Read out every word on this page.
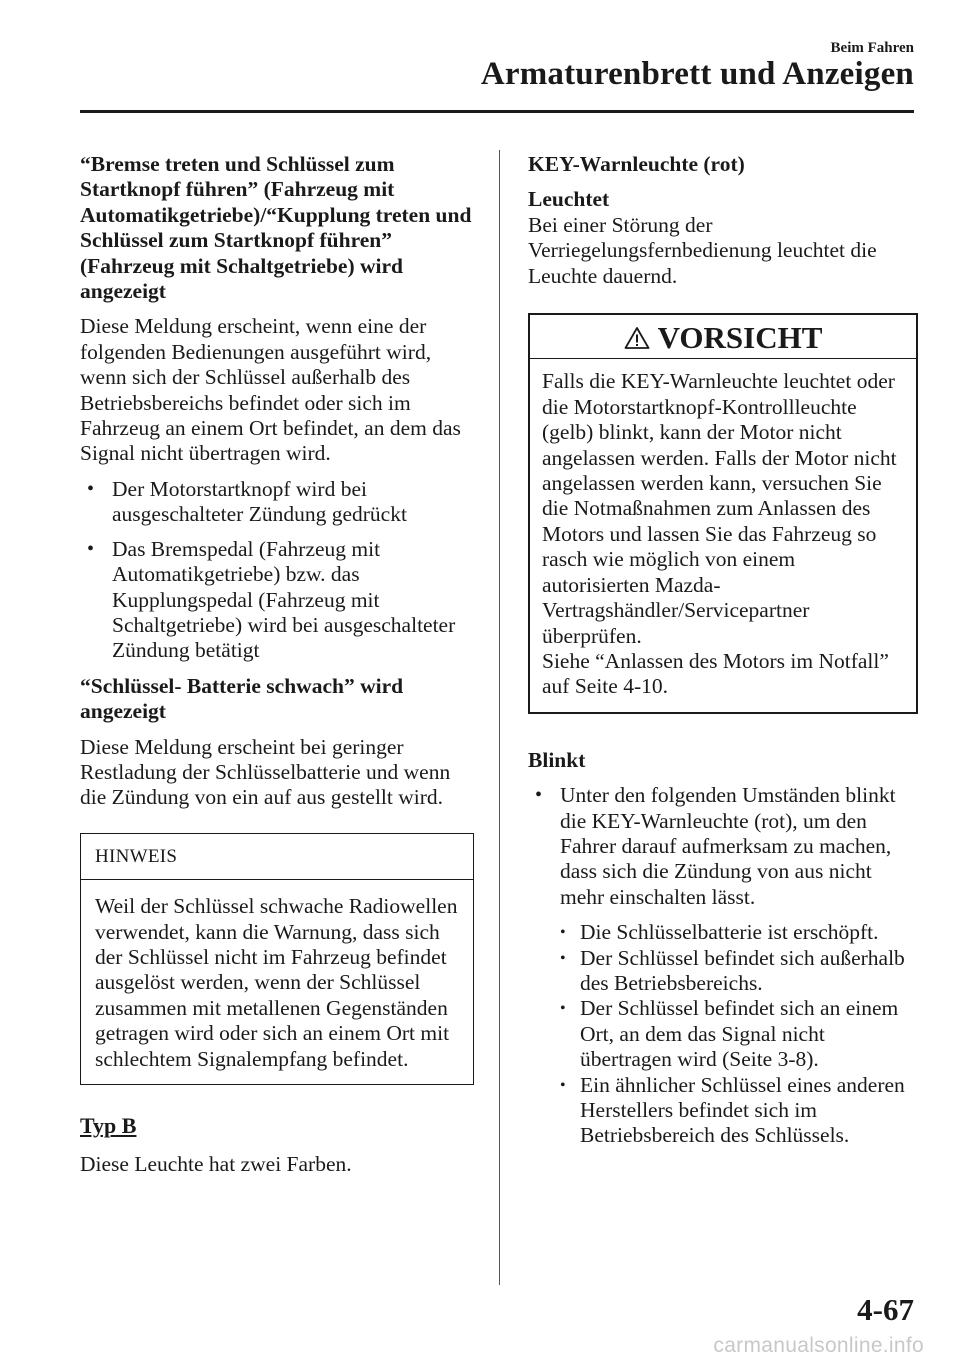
Beim Fahren
Armaturenbrett und Anzeigen
“Bremse treten und Schlüssel zum Startknopf führen” (Fahrzeug mit Automatikgetriebe)/“Kupplung treten und Schlüssel zum Startknopf führen” (Fahrzeug mit Schaltgetriebe) wird angezeigt

Diese Meldung erscheint, wenn eine der folgenden Bedienungen ausgeführt wird, wenn sich der Schlüssel außerhalb des Betriebsbereichs befindet oder sich im Fahrzeug an einem Ort befindet, an dem das Signal nicht übertragen wird.

• Der Motorstartknopf wird bei ausgeschalteter Zündung gedrückt
• Das Bremspedal (Fahrzeug mit Automatikgetriebe) bzw. das Kupplungspedal (Fahrzeug mit Schaltgetriebe) wird bei ausgeschalteter Zündung betätigt
“Schlüssel- Batterie schwach” wird angezeigt

Diese Meldung erscheint bei geringer Restladung der Schlüsselbatterie und wenn die Zündung von ein auf aus gestellt wird.

HINWEIS
Weil der Schlüssel schwache Radiowellen verwendet, kann die Warnung, dass sich der Schlüssel nicht im Fahrzeug befindet ausgelöst werden, wenn der Schlüssel zusammen mit metallenen Gegenständen getragen wird oder sich an einem Ort mit schlechtem Signalempfang befindet.
Typ B

Diese Leuchte hat zwei Farben.

KEY-Warnleuchte (rot)
Leuchtet

Bei einer Störung der Verriegelungsfernbedienung leuchtet die Leuchte dauernd.

VORSICHT
Falls die KEY-Warnleuchte leuchtet oder die Motorstartknopf-Kontrollleuchte (gelb) blinkt, kann der Motor nicht angelassen werden. Falls der Motor nicht angelassen werden kann, versuchen Sie die Notmaßnahmen zum Anlassen des Motors und lassen Sie das Fahrzeug so rasch wie möglich von einem autorisierten Mazda-Vertragshändler/Servicepartner überprüfen.
Siehe “Anlassen des Motors im Notfall” auf Seite 4-10.
Blinkt
• Unter den folgenden Umständen blinkt die KEY-Warnleuchte (rot), um den Fahrer darauf aufmerksam zu machen, dass sich die Zündung von aus nicht mehr einschalten lässt.
• Die Schlüsselbatterie ist erschöpft.
• Der Schlüssel befindet sich außerhalb des Betriebsbereichs.
• Der Schlüssel befindet sich an einem Ort, an dem das Signal nicht übertragen wird (Seite 3-8).
• Ein ähnlicher Schlüssel eines anderen Herstellers befindet sich im Betriebsbereich des Schlüssels.
4-67
carmanualsonline.info
